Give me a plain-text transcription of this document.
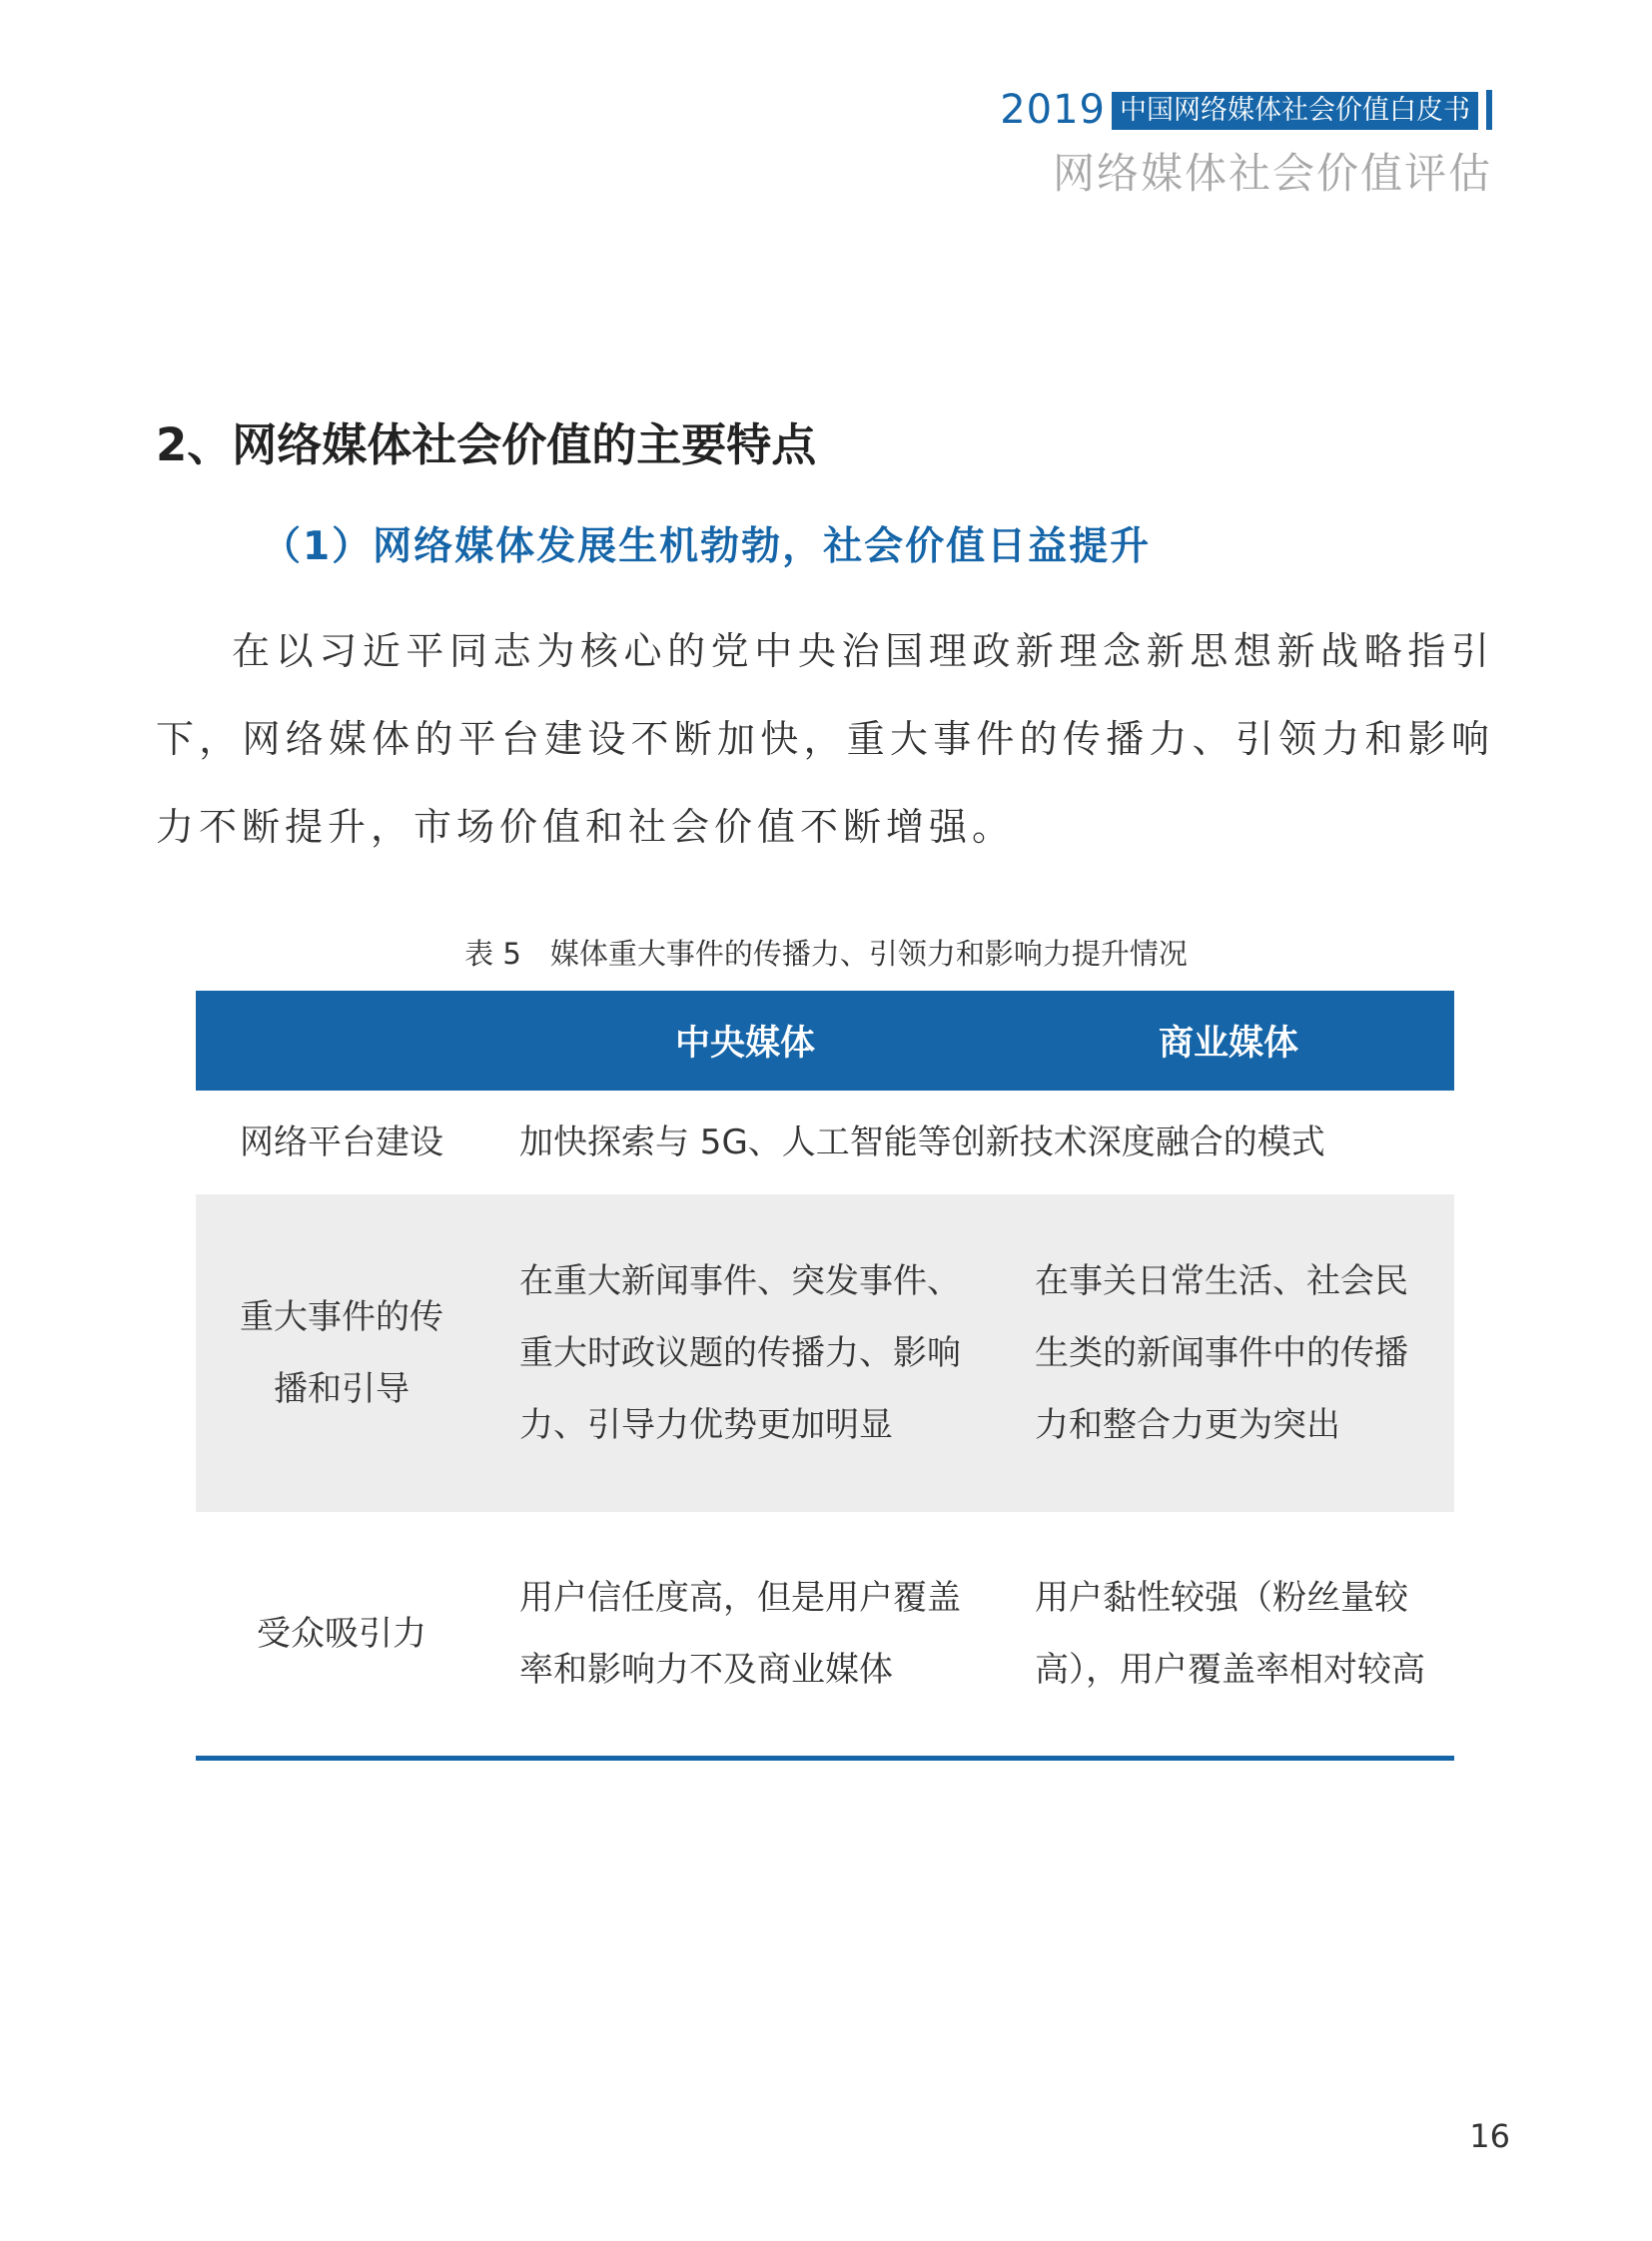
2019 中国网络媒体社会价值白皮书
网络媒体社会价值评估
2、网络媒体社会价值的主要特点
（1）网络媒体发展生机勃勃，社会价值日益提升
在以习近平同志为核心的党中央治国理政新理念新思想新战略指引下，网络媒体的平台建设不断加快，重大事件的传播力、引领力和影响力不断提升，市场价值和社会价值不断增强。
表 5　媒体重大事件的传播力、引领力和影响力提升情况
	中央媒体	商业媒体
网络平台建设	加快探索与 5G、人工智能等创新技术深度融合的模式	
重大事件的传播和引导	在重大新闻事件、突发事件、重大时政议题的传播力、影响力、引导力优势更加明显	在事关日常生活、社会民生类的新闻事件中的传播力和整合力更为突出
受众吸引力	用户信任度高，但是用户覆盖率和影响力不及商业媒体	用户黏性较强（粉丝量较高），用户覆盖率相对较高
16
